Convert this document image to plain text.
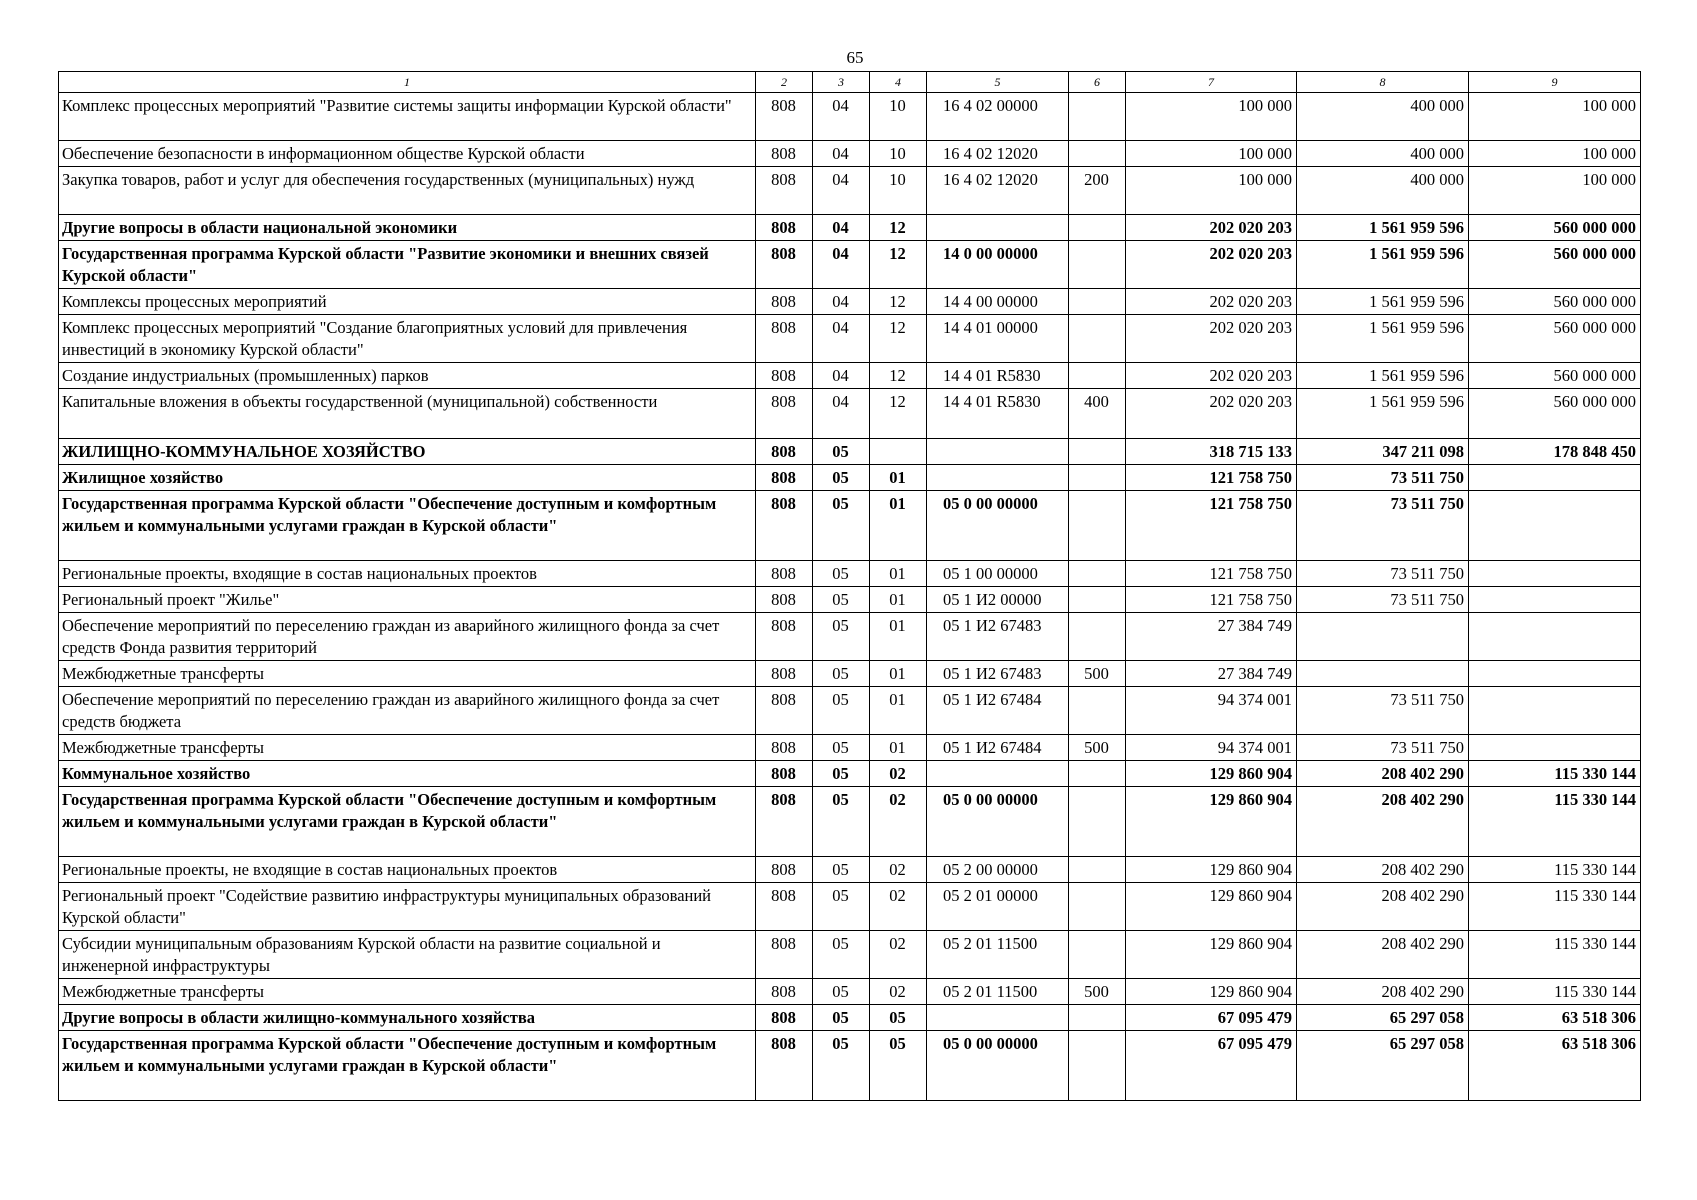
65
1	2	3	4	5	6	7	8	9
Комплекс процессных мероприятий "Развитие системы защиты информации Курской области"	808	04	10	16 4 02 00000		100 000	400 000	100 000
Обеспечение безопасности в информационном обществе Курской области	808	04	10	16 4 02 12020		100 000	400 000	100 000
Закупка товаров, работ и услуг для обеспечения государственных (муниципальных) нужд	808	04	10	16 4 02 12020	200	100 000	400 000	100 000
Другие вопросы в области национальной экономики	808	04	12			202 020 203	1 561 959 596	560 000 000
Государственная программа Курской области "Развитие экономики и внешних связей Курской области"	808	04	12	14 0 00 00000		202 020 203	1 561 959 596	560 000 000
Комплексы процессных мероприятий	808	04	12	14 4 00 00000		202 020 203	1 561 959 596	560 000 000
Комплекс процессных мероприятий "Создание благоприятных условий для привлечения инвестиций в экономику Курской области"	808	04	12	14 4 01 00000		202 020 203	1 561 959 596	560 000 000
Создание индустриальных (промышленных) парков	808	04	12	14 4 01 R5830		202 020 203	1 561 959 596	560 000 000
Капитальные вложения в объекты государственной (муниципальной) собственности	808	04	12	14 4 01 R5830	400	202 020 203	1 561 959 596	560 000 000
ЖИЛИЩНО-КОММУНАЛЬНОЕ ХОЗЯЙСТВО	808	05				318 715 133	347 211 098	178 848 450
Жилищное хозяйство	808	05	01			121 758 750	73 511 750	
Государственная программа Курской области "Обеспечение доступным и комфортным жильем и коммунальными услугами граждан в Курской области"	808	05	01	05 0 00 00000		121 758 750	73 511 750	
Региональные проекты, входящие в состав национальных проектов	808	05	01	05 1 00 00000		121 758 750	73 511 750	
Региональный проект "Жилье"	808	05	01	05 1 И2 00000		121 758 750	73 511 750	
Обеспечение мероприятий по переселению граждан из аварийного жилищного фонда за счет средств Фонда развития территорий	808	05	01	05 1 И2 67483		27 384 749		
Межбюджетные трансферты	808	05	01	05 1 И2 67483	500	27 384 749		
Обеспечение мероприятий по переселению граждан из аварийного жилищного фонда за счет средств бюджета	808	05	01	05 1 И2 67484		94 374 001	73 511 750	
Межбюджетные трансферты	808	05	01	05 1 И2 67484	500	94 374 001	73 511 750	
Коммунальное хозяйство	808	05	02			129 860 904	208 402 290	115 330 144
Государственная программа Курской области "Обеспечение доступным и комфортным жильем и коммунальными услугами граждан в Курской области"	808	05	02	05 0 00 00000		129 860 904	208 402 290	115 330 144
Региональные проекты, не входящие в состав национальных проектов	808	05	02	05 2 00 00000		129 860 904	208 402 290	115 330 144
Региональный проект "Содействие развитию инфраструктуры муниципальных образований Курской области"	808	05	02	05 2 01 00000		129 860 904	208 402 290	115 330 144
Субсидии муниципальным образованиям Курской области на развитие социальной и инженерной инфраструктуры	808	05	02	05 2 01 11500		129 860 904	208 402 290	115 330 144
Межбюджетные трансферты	808	05	02	05 2 01 11500	500	129 860 904	208 402 290	115 330 144
Другие вопросы в области жилищно-коммунального хозяйства	808	05	05			67 095 479	65 297 058	63 518 306
Государственная программа Курской области "Обеспечение доступным и комфортным жильем и коммунальными услугами граждан в Курской области"	808	05	05	05 0 00 00000		67 095 479	65 297 058	63 518 306
